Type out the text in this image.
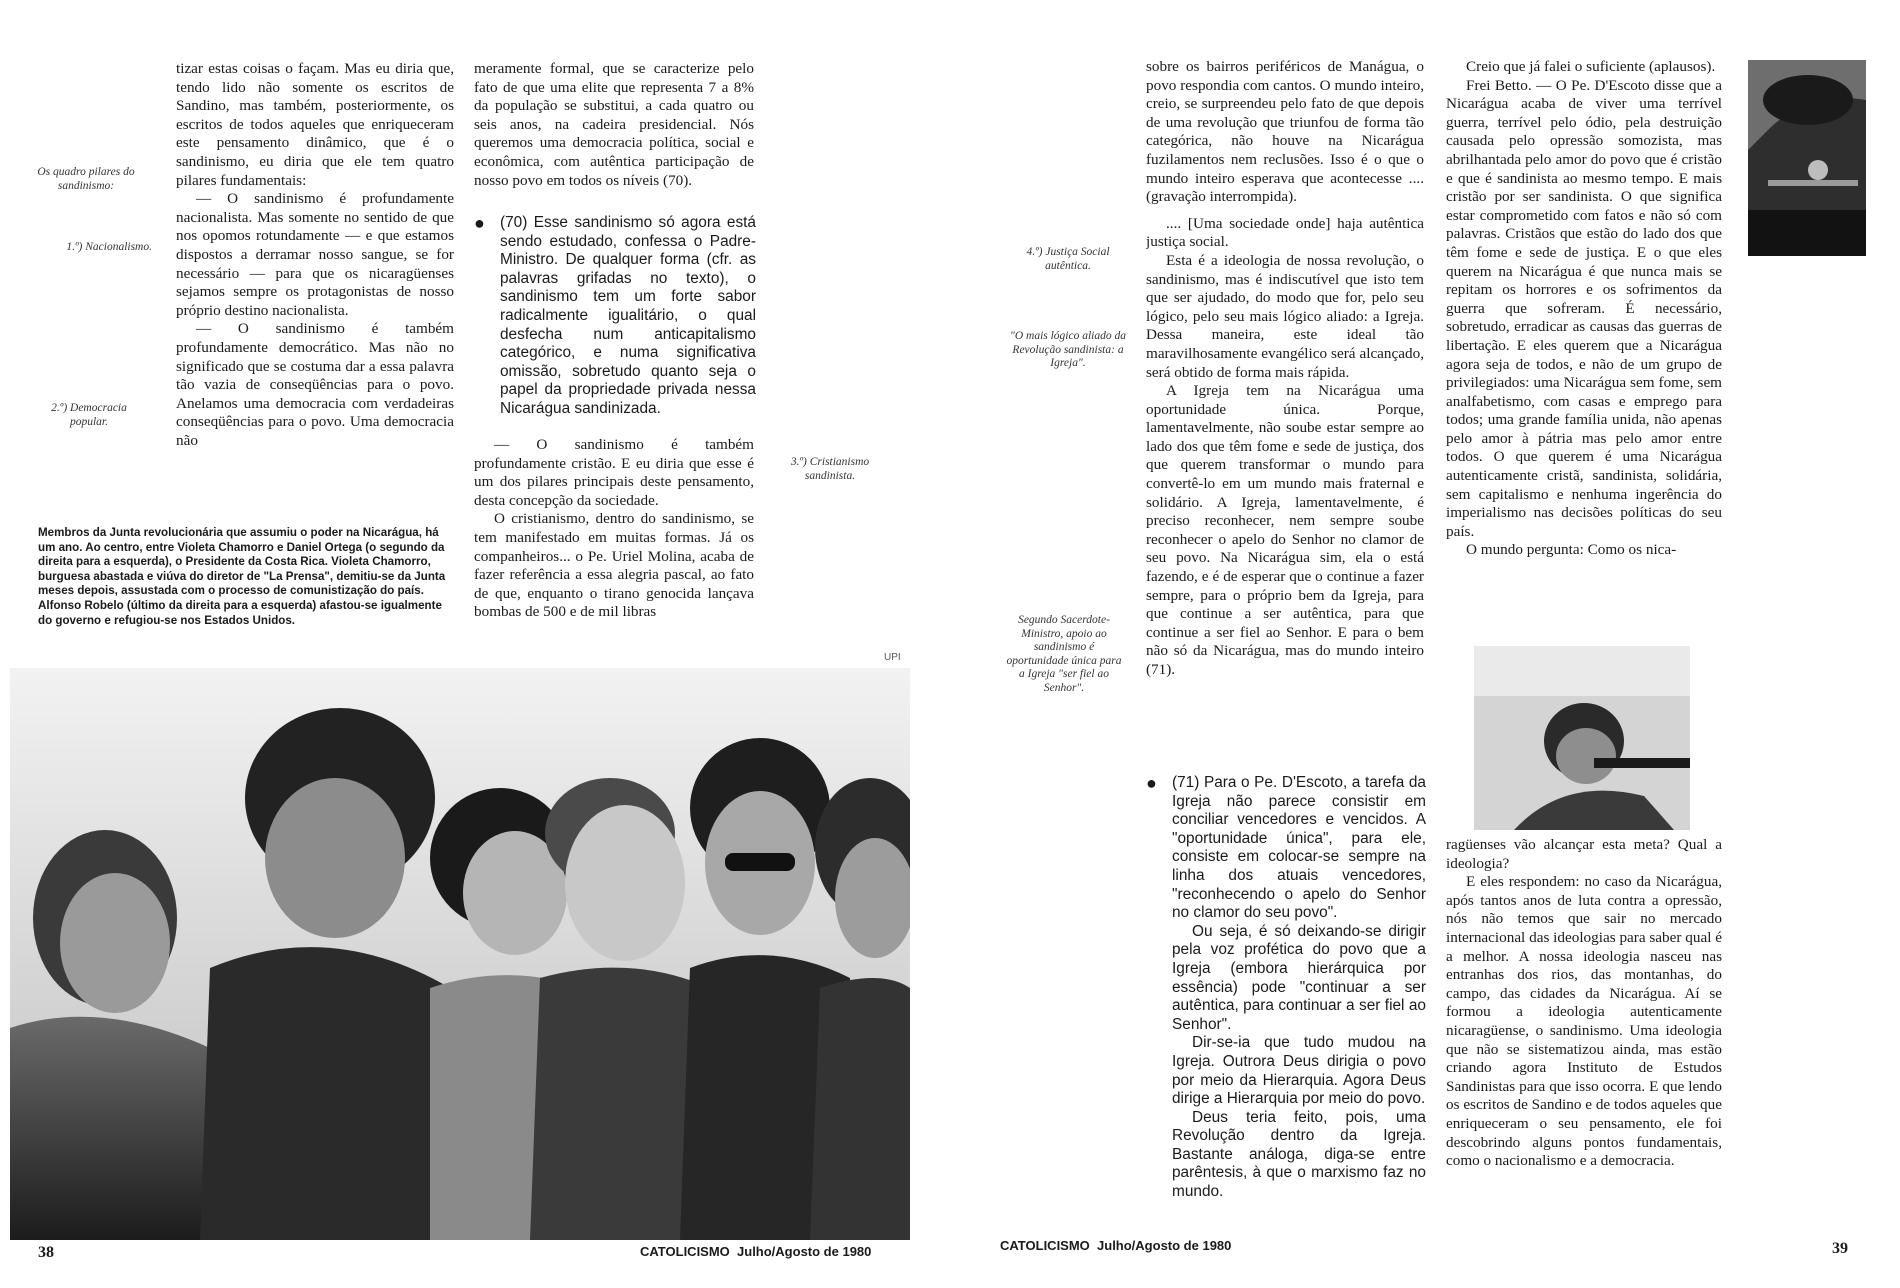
Os quadro pilares do sandinismo:
1.º) Nacionalismo.
2.º) Democracia popular.

tizar estas coisas o façam. Mas eu diria que, tendo lido não somente os escritos de Sandino, mas também, posteriormente, os escritos de todos aqueles que enriqueceram este pensamento dinâmico, que é o sandinismo, eu diria que ele tem quatro pilares fundamentais:

— O sandinismo é profundamente nacionalista. Mas somente no sentido de que nos opomos rotundamente — e que estamos dispostos a derramar nosso sangue, se for necessário — para que os nicaragüenses sejamos sempre os protagonistas de nosso próprio destino nacionalista.

— O sandinismo é também profundamente democrático. Mas não no significado que se costuma dar a essa palavra tão vazia de conseqüências para o povo. Anelamos uma democracia com verdadeiras conseqüências para o povo. Uma democracia não

meramente formal, que se caracterize pelo fato de que uma elite que representa 7 a 8% da população se substitui, a cada quatro ou seis anos, na cadeira presidencial. Nós queremos uma democracia política, social e econômica, com autêntica participação de nosso povo em todos os níveis (70).

● (70) Esse sandinismo só agora está sendo estudado, confessa o Padre-Ministro. De qualquer forma (cfr. as palavras grifadas no texto), o sandinismo tem um forte sabor radicalmente igualitário, o qual desfecha num anticapitalismo categórico, e numa significativa omissão, sobretudo quanto seja o papel da propriedade privada nessa Nicarágua sandinizada.

— O sandinismo é também profundamente cristão. E eu diria que esse é um dos pilares principais deste pensamento, desta concepção da sociedade.

O cristianismo, dentro do sandinismo, se tem manifestado em muitas formas. Já os companheiros... o Pe. Uriel Molina, acaba de fazer referência a essa alegria pascal, ao fato de que, enquanto o tirano genocida lançava bombas de 500 e de mil libras

3.º) Cristianismo sandinista.
Membros da Junta revolucionária que assumiu o poder na Nicarágua, há um ano. Ao centro, entre Violeta Chamorro e Daniel Ortega (o segundo da direita para a esquerda), o Presidente da Costa Rica. Violeta Chamorro, burguesa abastada e viúva do diretor de "La Prensa", demitiu-se da Junta meses depois, assustada com o processo de comunistização do país. Alfonso Robelo (último da direita para a esquerda) afastou-se igualmente do governo e refugiou-se nos Estados Unidos.
UPI
38	CATOLICISMO  Julho/Agosto de 1980
4.º) Justiça Social autêntica.
"O mais lógico aliado da Revolução sandinista: a Igreja".
Segundo Sacerdote-Ministro, apoio ao sandinismo é oportunidade única para a Igreja "ser fiel ao Senhor".

sobre os bairros periféricos de Manágua, o povo respondia com cantos. O mundo inteiro, creio, se surpreendeu pelo fato de que depois de uma revolução que triunfou de forma tão categórica, não houve na Nicarágua fuzilamentos nem reclusões. Isso é o que o mundo inteiro esperava que acontecesse .... (gravação interrompida).

.... [Uma sociedade onde] haja autêntica justiça social.

Esta é a ideologia de nossa revolução, o sandinismo, mas é indiscutível que isto tem que ser ajudado, do modo que for, pelo seu lógico, pelo seu mais lógico aliado: a Igreja. Dessa maneira, este ideal tão maravilhosamente evangélico será alcançado, será obtido de forma mais rápida.

A Igreja tem na Nicarágua uma oportunidade única. Porque, lamentavelmente, não soube estar sempre ao lado dos que têm fome e sede de justiça, dos que querem transformar o mundo para convertê-lo em um mundo mais fraternal e solidário. A Igreja, lamentavelmente, é preciso reconhecer, nem sempre soube reconhecer o apelo do Senhor no clamor de seu povo. Na Nicarágua sim, ela o está fazendo, e é de esperar que o continue a fazer sempre, para o próprio bem da Igreja, para que continue a ser autêntica, para que continue a ser fiel ao Senhor. E para o bem não só da Nicarágua, mas do mundo inteiro (71).

● (71) Para o Pe. D'Escoto, a tarefa da Igreja não parece consistir em conciliar vencedores e vencidos. A "oportunidade única", para ele, consiste em colocar-se sempre na linha dos atuais vencedores, "reconhecendo o apelo do Senhor no clamor do seu povo".

Ou seja, é só deixando-se dirigir pela voz profética do povo que a Igreja (embora hierárquica por essência) pode "continuar a ser autêntica, para continuar a ser fiel ao Senhor".

Dir-se-ia que tudo mudou na Igreja. Outrora Deus dirigia o povo por meio da Hierarquia. Agora Deus dirige a Hierarquia por meio do povo.

Deus teria feito, pois, uma Revolução dentro da Igreja. Bastante análoga, diga-se entre parêntesis, à que o marxismo faz no mundo.

Creio que já falei o suficiente (aplausos).

Frei Betto. — O Pe. D'Escoto disse que a Nicarágua acaba de viver uma terrível guerra, terrível pelo ódio, pela destruição causada pelo opressão somozista, mas abrilhantada pelo amor do povo que é cristão e que é sandinista ao mesmo tempo. E mais cristão por ser sandinista. O que significa estar comprometido com fatos e não só com palavras. Cristãos que estão do lado dos que têm fome e sede de justiça. E o que eles querem na Nicarágua é que nunca mais se repitam os horrores e os sofrimentos da guerra que sofreram. É necessário, sobretudo, erradicar as causas das guerras de libertação. E eles querem que a Nicarágua agora seja de todos, e não de um grupo de privilegiados: uma Nicarágua sem fome, sem analfabetismo, com casas e emprego para todos; uma grande família unida, não apenas pelo amor à pátria mas pelo amor entre todos. O que querem é uma Nicarágua autenticamente cristã, sandinista, solidária, sem capitalismo e nenhuma ingerência do imperialismo nas decisões políticas do seu país.

O mundo pergunta: Como os nica-

ragüenses vão alcançar esta meta? Qual a ideologia?

E eles respondem: no caso da Nicarágua, após tantos anos de luta contra a opressão, nós não temos que sair no mercado internacional das ideologias para saber qual é a melhor. A nossa ideologia nasceu nas entranhas dos rios, das montanhas, do campo, das cidades da Nicarágua. Aí se formou a ideologia autenticamente nicaragüense, o sandinismo. Uma ideologia que não se sistematizou ainda, mas estão criando agora Instituto de Estudos Sandinistas para que isso ocorra. E que lendo os escritos de Sandino e de todos aqueles que enriqueceram o seu pensamento, ele foi descobrindo alguns pontos fundamentais, como o nacionalismo e a democracia.

CATOLICISMO  Julho/Agosto de 1980	39
